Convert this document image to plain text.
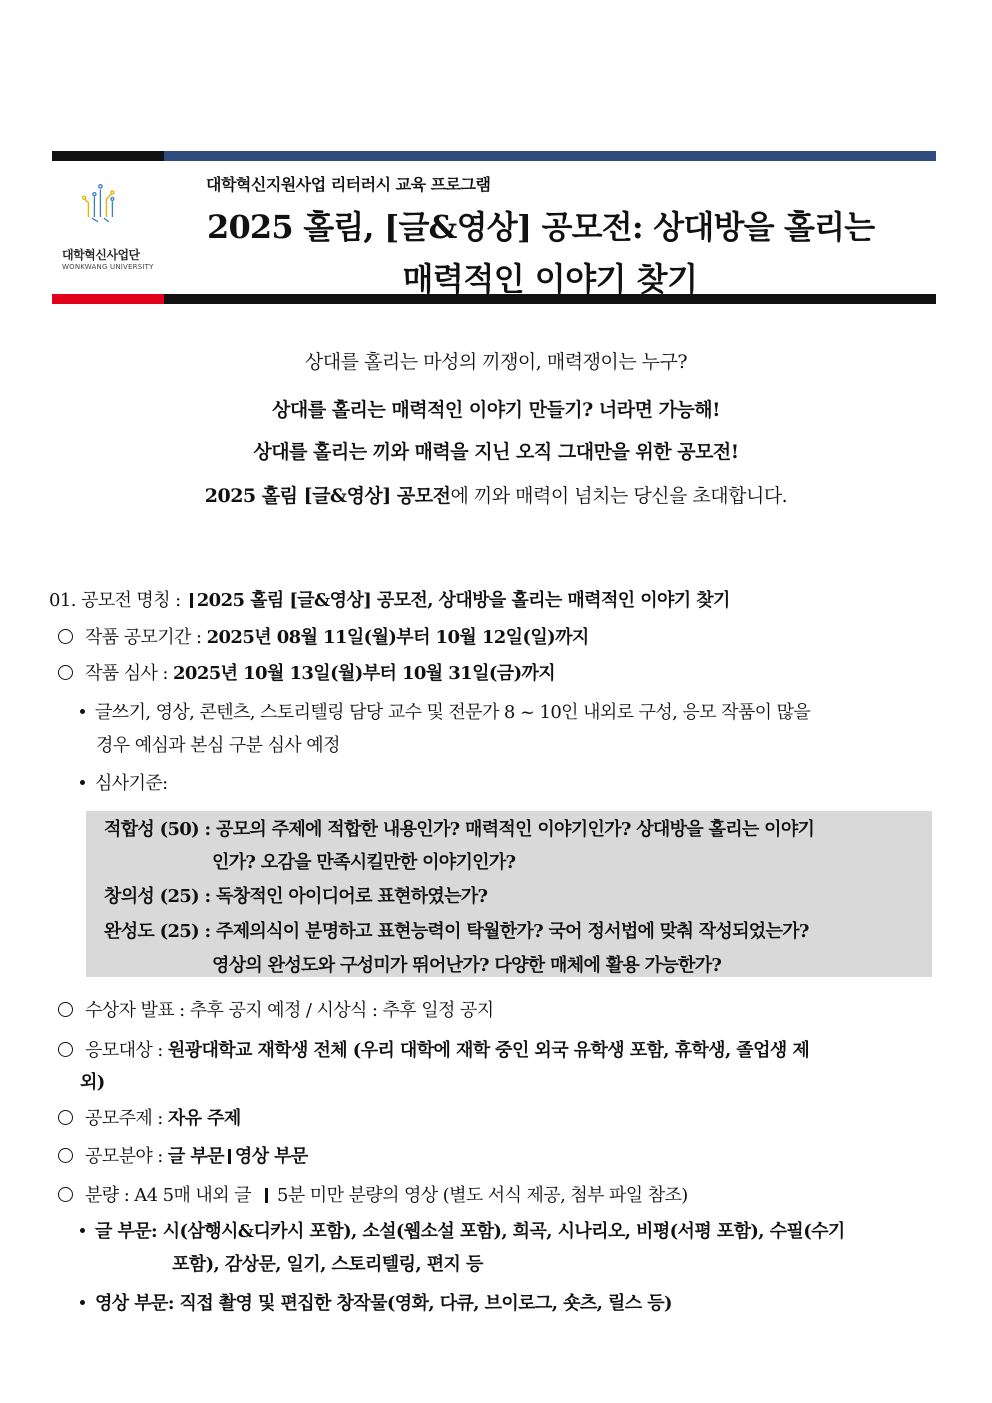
대학혁신사업단
WONKWANG UNIVERSITY
대학혁신지원사업 리터러시 교육 프로그램
2025 홀림, [글&영상] 공모전: 상대방을 홀리는
매력적인 이야기 찾기
상대를 홀리는 마성의 끼쟁이, 매력쟁이는 누구?
상대를 홀리는 매력적인 이야기 만들기? 너라면 가능해!
상대를 홀리는 끼와 매력을 지닌 오직 그대만을 위한 공모전!
2025 홀림 [글&영상] 공모전에 끼와 매력이 넘치는 당신을 초대합니다.
01. 공모전 명칭 : 2025 홀림 [글&영상] 공모전, 상대방을 홀리는 매력적인 이야기 찾기
작품 공모기간 : 2025년 08월 11일(월)부터 10월 12일(일)까지
작품 심사 : 2025년 10월 13일(월)부터 10월 31일(금)까지
글쓰기, 영상, 콘텐츠, 스토리텔링 담당 교수 및 전문가 8 ~ 10인 내외로 구성, 응모 작품이 많을
경우 예심과 본심 구분 심사 예정
심사기준:
적합성 (50) : 공모의 주제에 적합한 내용인가? 매력적인 이야기인가? 상대방을 홀리는 이야기
인가? 오감을 만족시킬만한 이야기인가?
창의성 (25) : 독창적인 아이디어로 표현하였는가?
완성도 (25) : 주제의식이 분명하고 표현능력이 탁월한가? 국어 정서법에 맞춰 작성되었는가?
영상의 완성도와 구성미가 뛰어난가? 다양한 매체에 활용 가능한가?
수상자 발표 : 추후 공지 예정 / 시상식 : 추후 일정 공지
응모대상 : 원광대학교 재학생 전체 (우리 대학에 재학 중인 외국 유학생 포함, 휴학생, 졸업생 제
외)
공모주제 : 자유 주제
공모분야 : 글 부문 영상 부문
분량 : A4 5매 내외 글 5분 미만 분량의 영상 (별도 서식 제공, 첨부 파일 참조)
글 부문: 시(삼행시&디카시 포함), 소설(웹소설 포함), 희곡, 시나리오, 비평(서평 포함), 수필(수기
포함), 감상문, 일기, 스토리텔링, 편지 등
영상 부문: 직접 촬영 및 편집한 창작물(영화, 다큐, 브이로그, 숏츠, 릴스 등)
